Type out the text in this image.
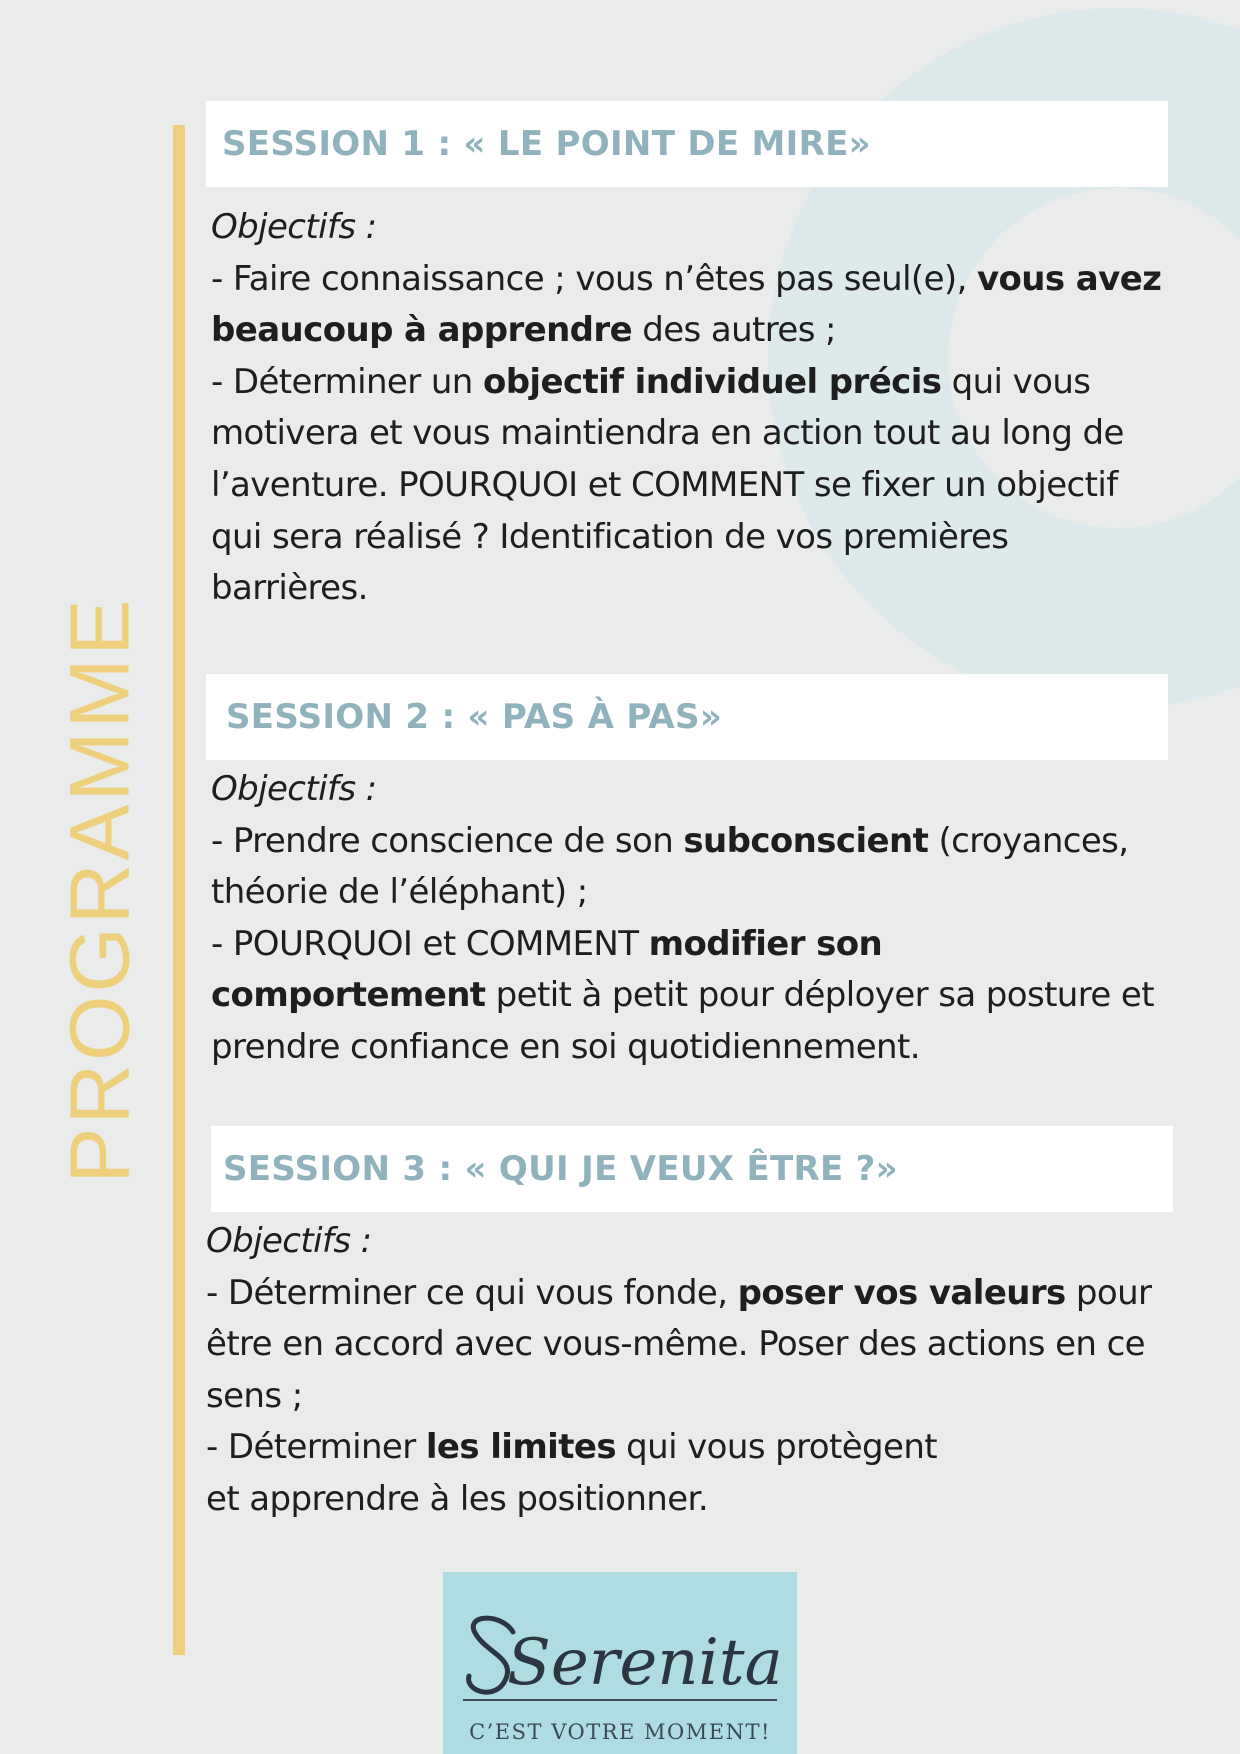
PROGRAMME
SESSION 1 : « LE POINT DE MIRE»
Objectifs :
- Faire connaissance ; vous n’êtes pas seul(e), vous avez
beaucoup à apprendre des autres ;
- Déterminer un objectif individuel précis qui vous
motivera et vous maintiendra en action tout au long de
l’aventure. POURQUOI et COMMENT se fixer un objectif
qui sera réalisé ? Identification de vos premières
barrières.
SESSION 2 : « PAS À PAS»
Objectifs :
- Prendre conscience de son subconscient (croyances,
théorie de l’éléphant) ;
- POURQUOI et COMMENT modifier son
comportement petit à petit pour déployer sa posture et
prendre confiance en soi quotidiennement.
SESSION 3 : « QUI JE VEUX ÊTRE ?»
Objectifs :
- Déterminer ce qui vous fonde, poser vos valeurs pour
être en accord avec vous-même. Poser des actions en ce
sens ;
- Déterminer les limites qui vous protègent
et apprendre à les positionner.
Serenita
C’EST VOTRE MOMENT!
